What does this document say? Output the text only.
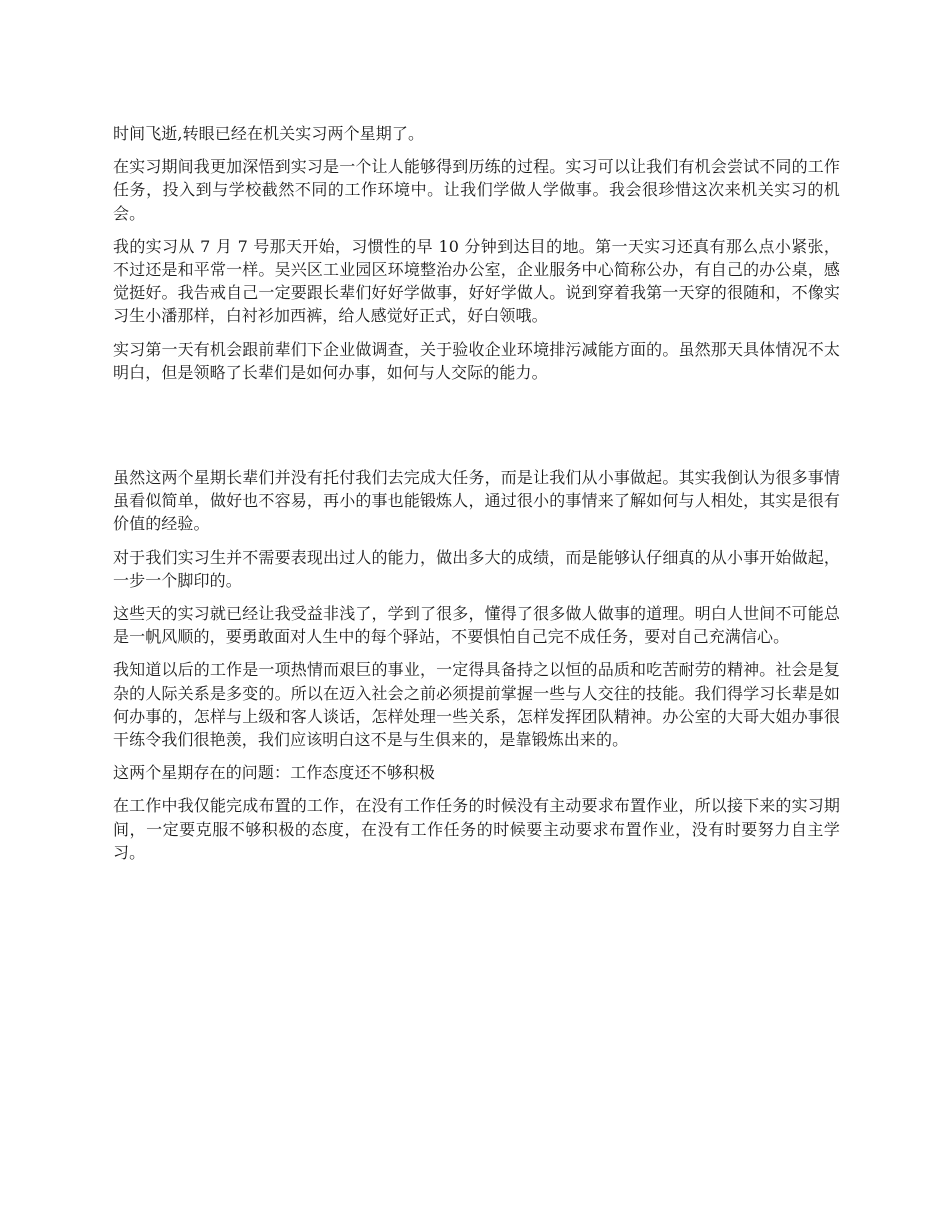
时间飞逝,转眼已经在机关实习两个星期了。

在实习期间我更加深悟到实习是一个让人能够得到历练的过程。实习可以让我们有机会尝试不同的工作任务，投入到与学校截然不同的工作环境中。让我们学做人学做事。我会很珍惜这次来机关实习的机会。

我的实习从 7 月 7 号那天开始，习惯性的早 10 分钟到达目的地。第一天实习还真有那么点小紧张，不过还是和平常一样。吴兴区工业园区环境整治办公室，企业服务中心简称公办，有自己的办公桌，感觉挺好。我告戒自己一定要跟长辈们好好学做事，好好学做人。说到穿着我第一天穿的很随和，不像实习生小潘那样，白衬衫加西裤，给人感觉好正式，好白领哦。

实习第一天有机会跟前辈们下企业做调查，关于验收企业环境排污减能方面的。虽然那天具体情况不太明白，但是领略了长辈们是如何办事，如何与人交际的能力。

虽然这两个星期长辈们并没有托付我们去完成大任务，而是让我们从小事做起。其实我倒认为很多事情虽看似简单，做好也不容易，再小的事也能锻炼人，通过很小的事情来了解如何与人相处，其实是很有价值的经验。

对于我们实习生并不需要表现出过人的能力，做出多大的成绩，而是能够认仔细真的从小事开始做起，一步一个脚印的。

这些天的实习就已经让我受益非浅了，学到了很多，懂得了很多做人做事的道理。明白人世间不可能总是一帆风顺的，要勇敢面对人生中的每个驿站，不要惧怕自己完不成任务，要对自己充满信心。

我知道以后的工作是一项热情而艰巨的事业，一定得具备持之以恒的品质和吃苦耐劳的精神。社会是复杂的人际关系是多变的。所以在迈入社会之前必须提前掌握一些与人交往的技能。我们得学习长辈是如何办事的，怎样与上级和客人谈话，怎样处理一些关系，怎样发挥团队精神。办公室的大哥大姐办事很干练令我们很艳羡，我们应该明白这不是与生俱来的，是靠锻炼出来的。

这两个星期存在的问题：工作态度还不够积极

在工作中我仅能完成布置的工作，在没有工作任务的时候没有主动要求布置作业，所以接下来的实习期间，一定要克服不够积极的态度，在没有工作任务的时候要主动要求布置作业，没有时要努力自主学习。
